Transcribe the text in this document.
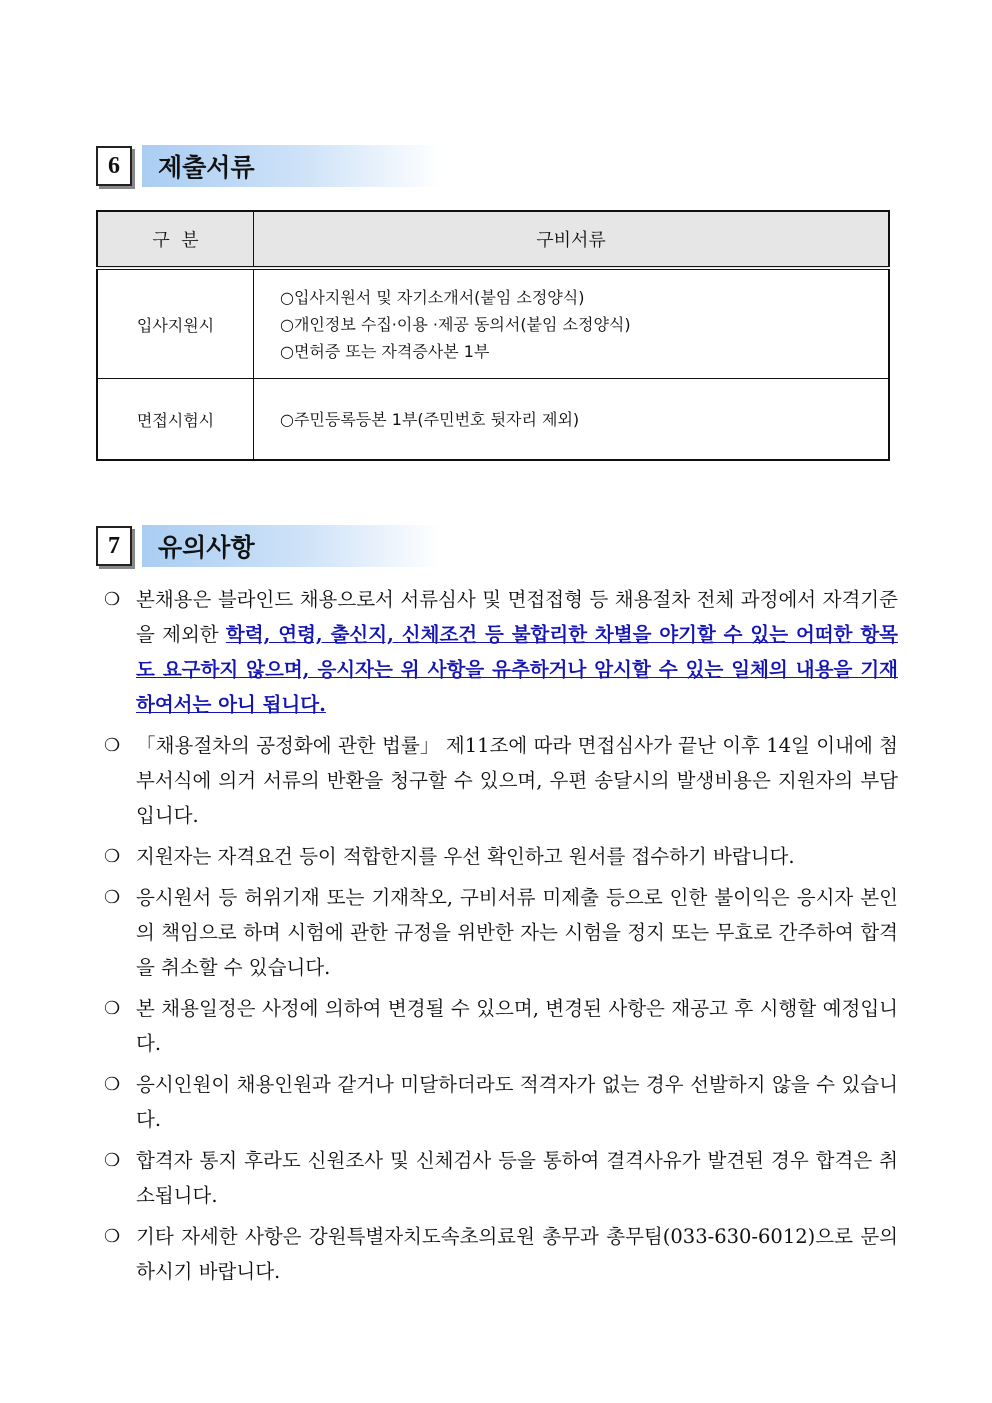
6	제출서류
구  분	구비서류
입사지원시	○입사지원서 및 자기소개서(붙임 소정양식)
○개인정보 수집·이용 ·제공 동의서(붙임 소정양식)
○면허증 또는 자격증사본 1부

면접시험시	○주민등록등본 1부(주민번호 뒷자리 제외)
7	유의사항
❍ 본채용은 블라인드 채용으로서 서류심사 및 면접접형 등 채용절차 전체 과정에서 자격기준을 제외한 학력, 연령, 출신지, 신체조건 등 불합리한 차별을 야기할 수 있는 어떠한 항목도 요구하지 않으며, 응시자는 위 사항을 유추하거나 암시할 수 있는 일체의 내용을 기재하여서는 아니 됩니다.
❍ 「채용절차의 공정화에 관한 법률」 제11조에 따라 면접심사가 끝난 이후 14일 이내에 첨부서식에 의거 서류의 반환을 청구할 수 있으며, 우편 송달시의 발생비용은 지원자의 부담입니다.
❍ 지원자는 자격요건 등이 적합한지를 우선 확인하고 원서를 접수하기 바랍니다.
❍ 응시원서 등 허위기재 또는 기재착오, 구비서류 미제출 등으로 인한 불이익은 응시자 본인의 책임으로 하며 시험에 관한 규정을 위반한 자는 시험을 정지 또는 무효로 간주하여 합격을 취소할 수 있습니다.
❍ 본 채용일정은 사정에 의하여 변경될 수 있으며, 변경된 사항은 재공고 후 시행할 예정입니다.
❍ 응시인원이 채용인원과 같거나 미달하더라도 적격자가 없는 경우 선발하지 않을 수 있습니다.
❍ 합격자 통지 후라도 신원조사 및 신체검사 등을 통하여 결격사유가 발견된 경우 합격은 취소됩니다.
❍ 기타 자세한 사항은 강원특별자치도속초의료원 총무과 총무팀(033-630-6012)으로 문의하시기 바랍니다.
